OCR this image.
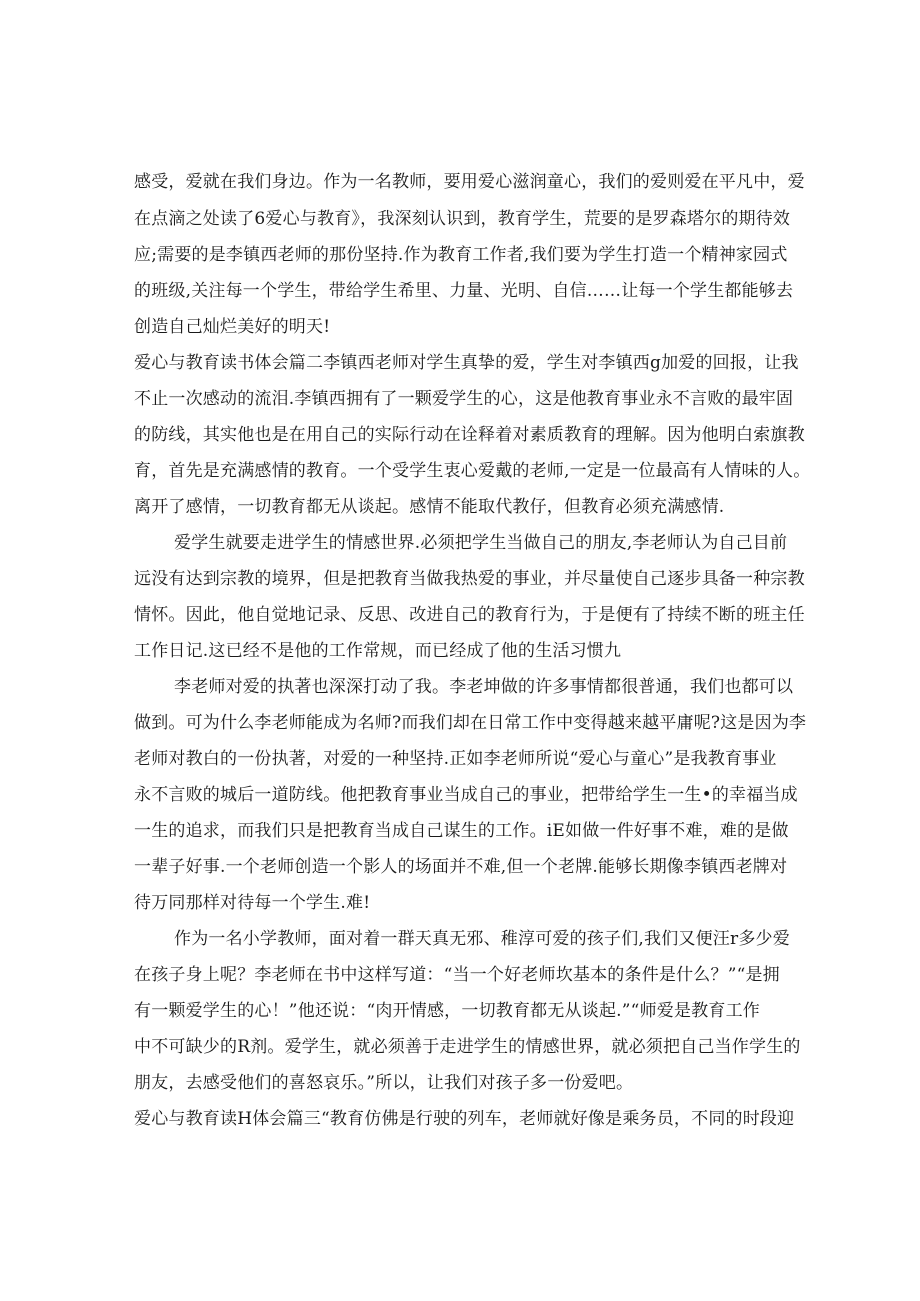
感受，爱就在我们身边。作为一名教师，要用爱心滋润童心，我们的爱则爱在平凡中，爱
在点滴之处读了6爱心与教育》，我深刻认识到，教育学生，荒要的是罗森塔尔的期待效
应;需要的是李镇西老师的那份坚持.作为教育工作者,我们要为学生打造一个精神家园式
的班级,关注每一个学生，带给学生希里、力量、光明、自信……让每一个学生都能够去
创造自己灿烂美好的明天!
爱心与教育读书体会篇二李镇西老师对学生真挚的爱，学生对李镇西g加爱的回报，让我
不止一次感动的流泪.李镇西拥有了一颗爱学生的心，这是他教育事业永不言败的最牢固
的防线，其实他也是在用自己的实际行动在诠释着对素质教育的理解。因为他明白索旗教
育，首先是充满感情的教育。一个受学生衷心爱戴的老师,一定是一位最高有人情味的人。
离开了感情，一切教育都无从谈起。感情不能取代教仔，但教育必须充满感情.
爱学生就要走进学生的情感世界.必须把学生当做自己的朋友,李老师认为自己目前
远没有达到宗教的境界，但是把教育当做我热爱的事业，并尽量使自己逐步具备一种宗教
情怀。因此，他自觉地记录、反思、改进自己的教育行为，于是便有了持续不断的班主任
工作日记.这已经不是他的工作常规，而已经成了他的生活习惯九
李老师对爱的执著也深深打动了我。李老坤做的许多事情都很普通，我们也都可以
做到。可为什么李老师能成为名师?而我们却在日常工作中变得越来越平庸呢?这是因为李
老师对教白的一份执著，对爱的一种坚持.正如李老师所说“爱心与童心”是我教育事业
永不言败的城后一道防线。他把教育事业当成自己的事业，把带给学生一生•的幸福当成
一生的追求，而我们只是把教育当成自己谋生的工作。iE如做一件好事不难，难的是做
一辈子好事.一个老师创造一个影人的场面并不难,但一个老牌.能够长期像李镇西老牌对
待万同那样对待每一个学生.难!
作为一名小学教师，面对着一群天真无邪、稚淳可爱的孩子们,我们又便汪r多少爱
在孩子身上呢？李老师在书中这样写道：“当一个好老师坎基本的条件是什么？”“是拥
有一颗爱学生的心！”他还说：“肉开情感，一切教育都无从谈起.”“师爱是教育工作
中不可缺少的R剂。爱学生，就必须善于走进学生的情感世界，就必须把自己当作学生的
朋友，去感受他们的喜怒哀乐。”所以，让我们对孩子多一份爱吧。
爱心与教育读H体会篇三“教育仿佛是行驶的列车，老师就好像是乘务员，不同的时段迎
